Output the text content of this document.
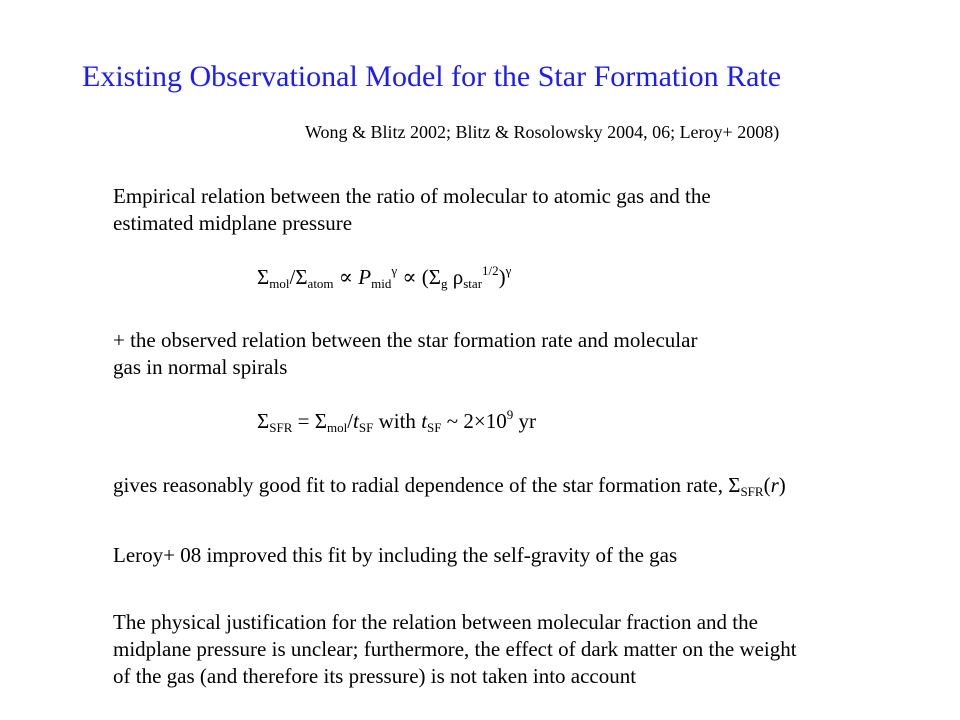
Existing Observational Model for the Star Formation Rate
Wong & Blitz 2002; Blitz & Rosolowsky 2004, 06; Leroy+ 2008)
Empirical relation between the ratio of molecular to atomic gas and the
estimated midplane pressure
$\Sigma_{mol}/\Sigma_{atom} \propto P_{mid}^\gamma \propto (\Sigma_g$ $\rho_{star}^{1/2})^\gamma$
+ the observed relation between the star formation rate and molecular
gas in normal spirals
$\Sigma_{SFR} = \Sigma_{mol}/t_{SF}$ with $t_{SF}$ ~ $2\times 10^9$ yr
gives reasonably good fit to radial dependence of the star formation rate, $\Sigma_{SFR}(r)$
Leroy+ 08 improved this fit by including the self-gravity of the gas
The physical justification for the relation between molecular fraction and the
midplane pressure is unclear; furthermore, the effect of dark matter on the weight
of the gas (and therefore its pressure) is not taken into account
